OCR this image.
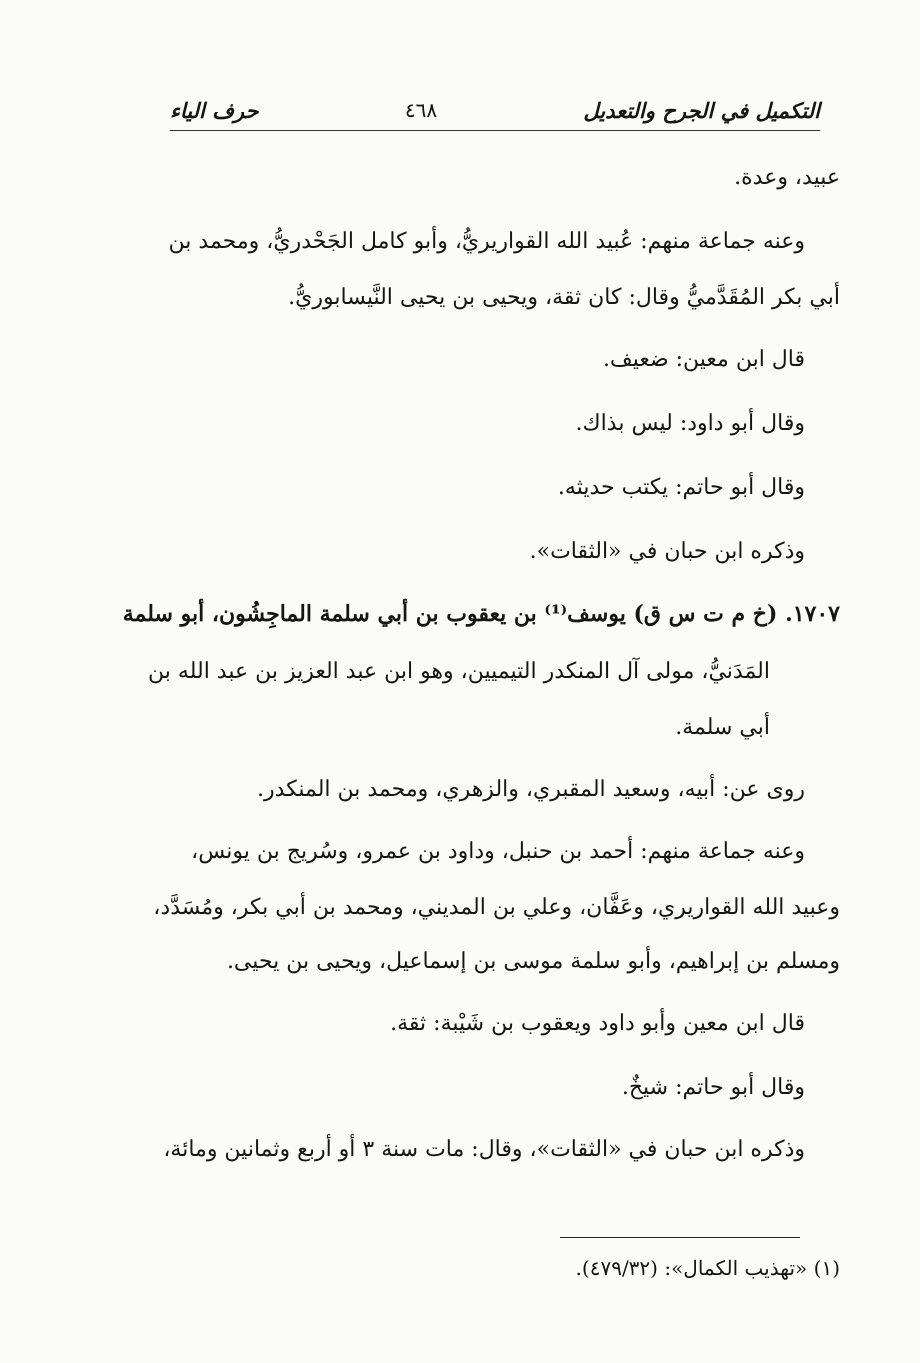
التكميل في الجرح والتعديل
٤٦٨
حرف الياء
عبيد، وعدة.
وعنه جماعة منهم: عُبيد الله القواريريُّ، وأبو كامل الجَحْدريُّ، ومحمد بن
أبي بكر المُقَدَّميُّ وقال: كان ثقة، ويحيى بن يحيى النَّيسابوريُّ.
قال ابن معين: ضعيف.
وقال أبو داود: ليس بذاك.
وقال أبو حاتم: يكتب حديثه.
وذكره ابن حبان في «الثقات».
١٧٠٧. (خ م ت س ق) يوسف⁽¹⁾ بن يعقوب بن أبي سلمة الماجِشُون، أبو سلمة
المَدَنيُّ، مولى آل المنكدر التيميين، وهو ابن عبد العزيز بن عبد الله بن
أبي سلمة.
روى عن: أبيه، وسعيد المقبري، والزهري، ومحمد بن المنكدر.
وعنه جماعة منهم: أحمد بن حنبل، وداود بن عمرو، وسُريج بن يونس،
وعبيد الله القواريري، وعَفَّان، وعلي بن المديني، ومحمد بن أبي بكر، ومُسَدَّد،
ومسلم بن إبراهيم، وأبو سلمة موسى بن إسماعيل، ويحيى بن يحيى.
قال ابن معين وأبو داود ويعقوب بن شَيْبة: ثقة.
وقال أبو حاتم: شيخٌ.
وذكره ابن حبان في «الثقات»، وقال: مات سنة ٣ أو أربع وثمانين ومائة،
(١) «تهذيب الكمال»: (٤٧٩/٣٢).
